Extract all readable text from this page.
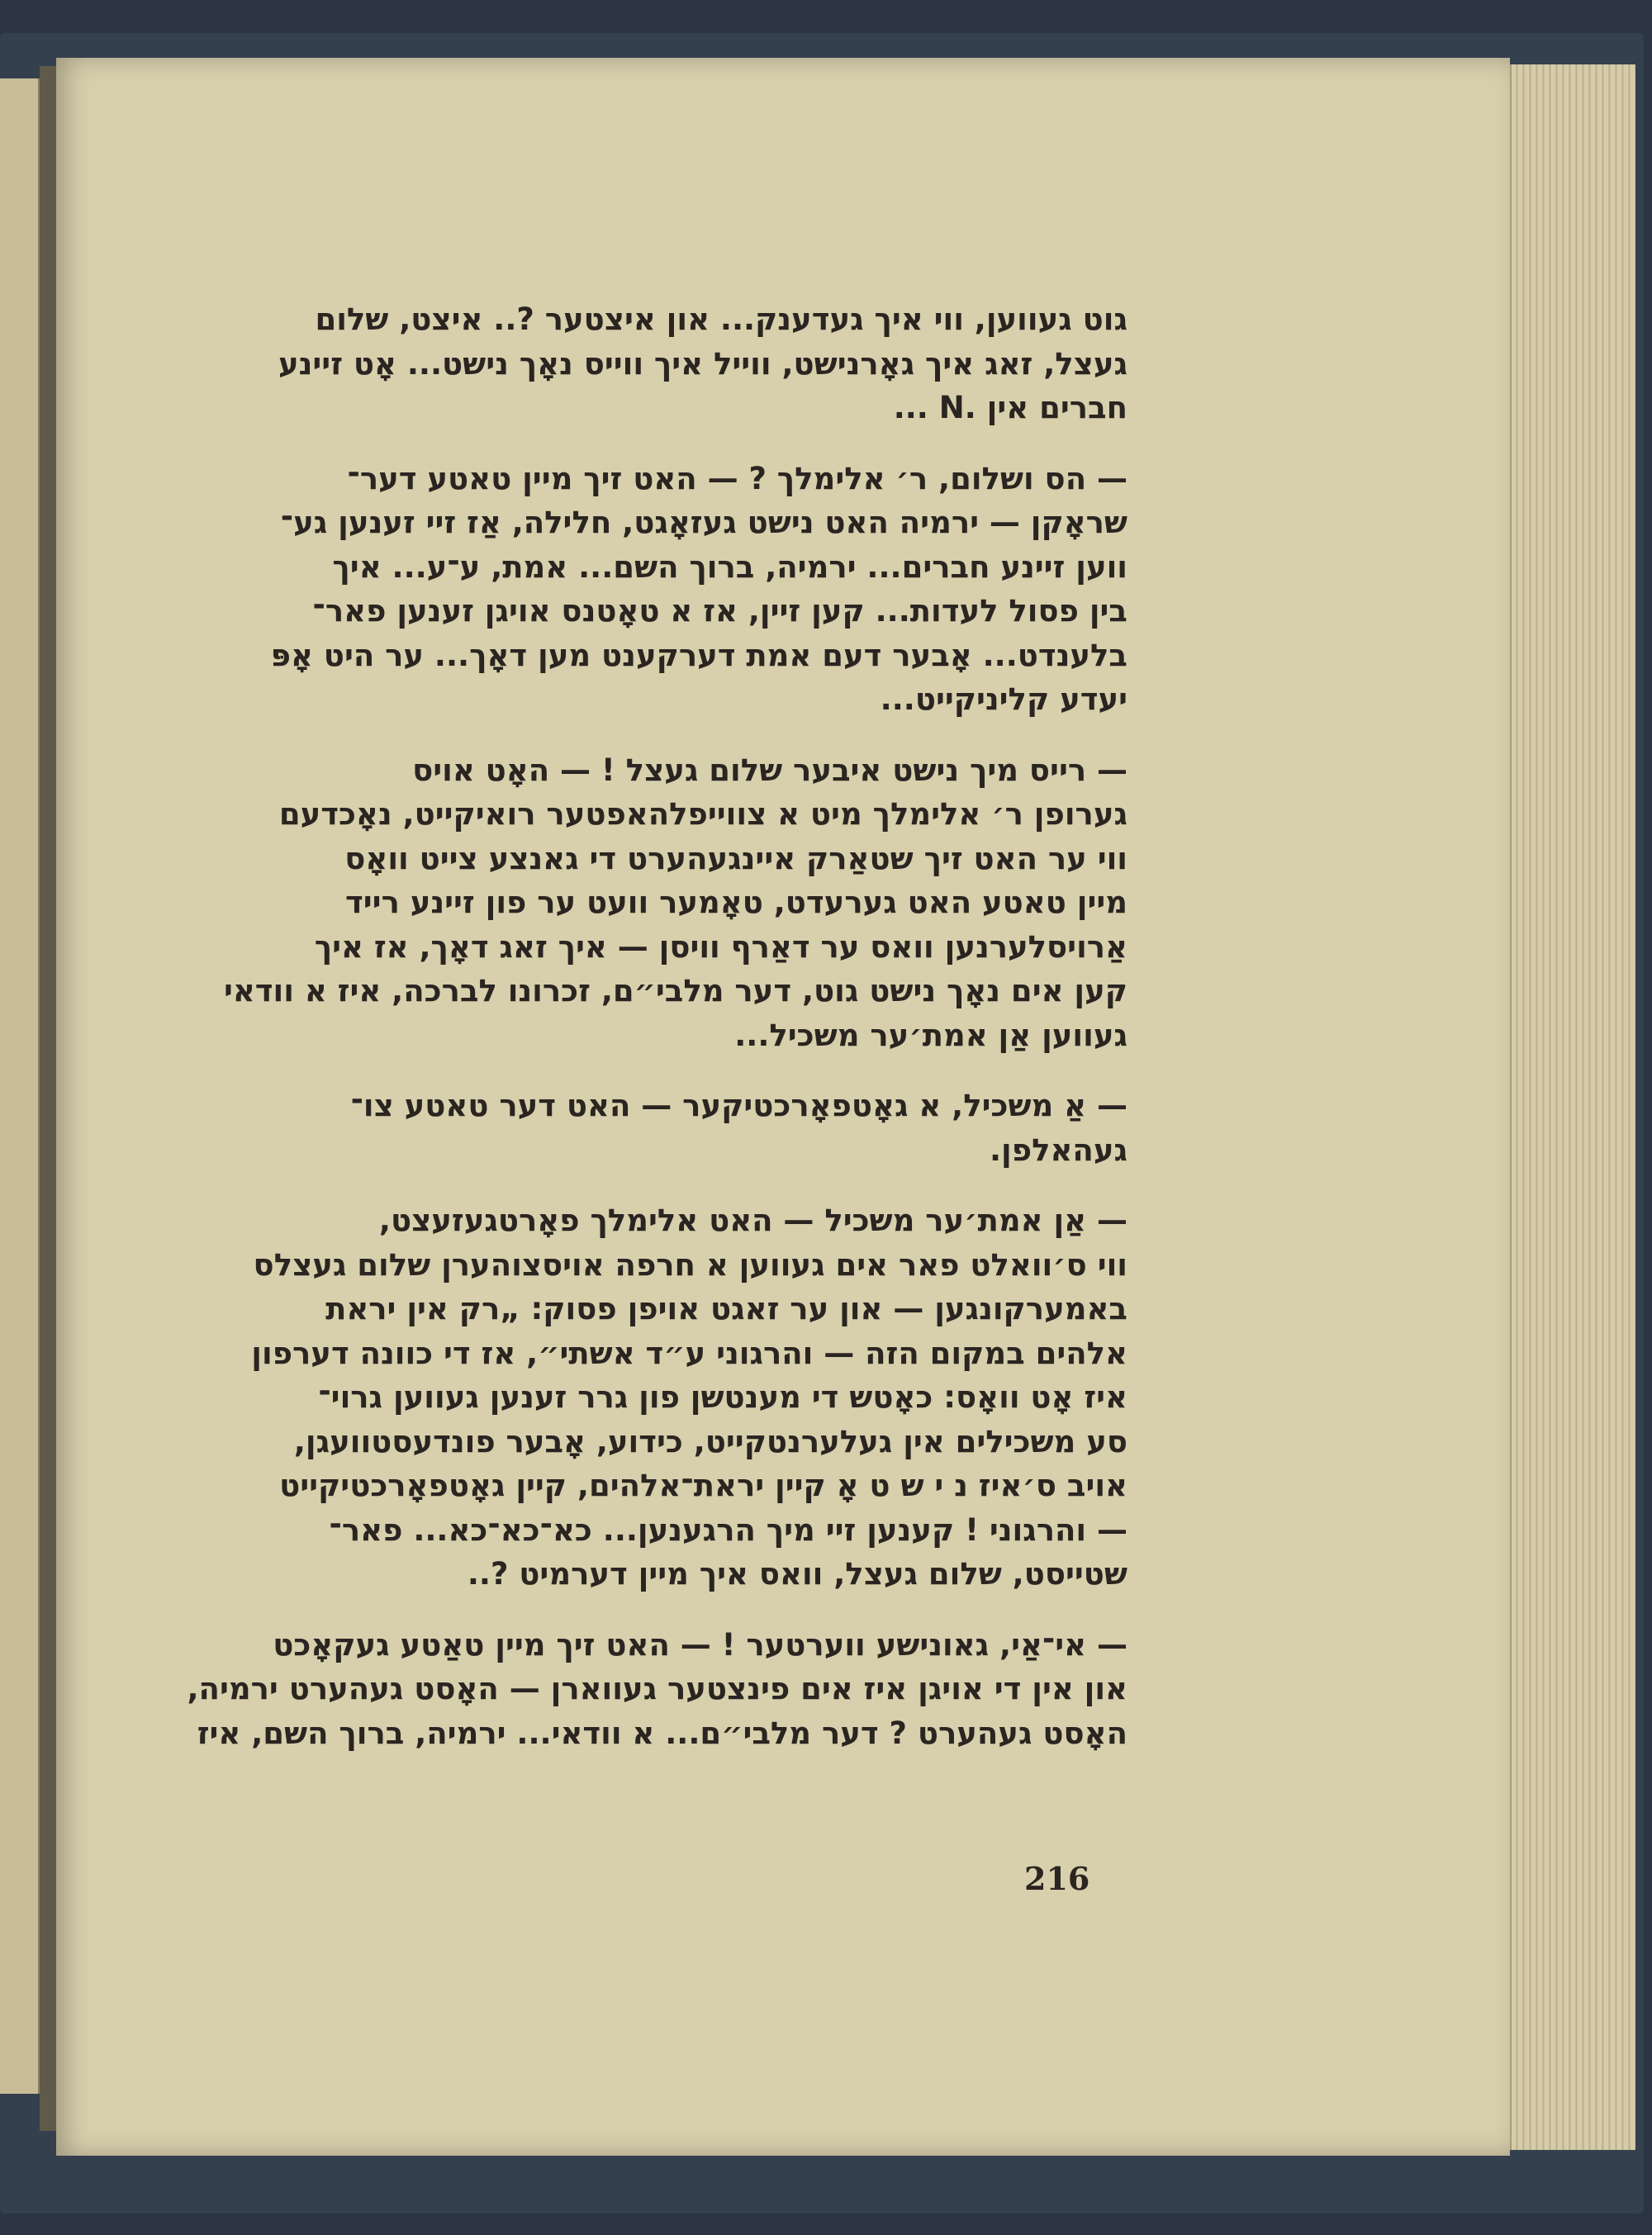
גוט געווען, ווי איך געדענק... און איצטער ?.. איצט, שלום
געצל, זאג איך גאָרנישט, ווייל איך ווייס נאָך נישט... אָט זיינע
חברים אין .N ...

— הס ושלום, ר׳ אלימלך ? — האט זיך מיין טאטע דער־
שראָקן — ירמיה האט נישט געזאָגט, חלילה, אַז זיי זענען גע־
ווען זיינע חברים... ירמיה, ברוך השם... אמת, ע־ע... איך
בין פסול לעדות... קען זיין, אז א טאָטנס אויגן זענען פאר־
בלענדט... אָבער דעם אמת דערקענט מען דאָך... ער היט אָפּ
יעדע קליניקייט...

— רייס מיך נישט איבער שלום געצל ! — האָט אויס
גערופן ר׳ אלימלך מיט א צווייפלהאפטער רואיקייט, נאָכדעם
ווי ער האט זיך שטאַרק איינגעהערט די גאנצע צייט וואָס
מיין טאטע האט גערעדט, טאָמער וועט ער פון זיינע רייד
אַרויסלערנען וואס ער דאַרף וויסן — איך זאג דאָך, אז איך
קען אים נאָך נישט גוט, דער מלבי״ם, זכרונו לברכה, איז א וודאי
געווען אַן אמת׳ער משכיל...

— אַ משכיל, א גאָטפאָרכטיקער — האט דער טאטע צו־
געהאלפן.

— אַן אמת׳ער משכיל — האט אלימלך פאָרטגעזעצט,
ווי ס׳וואלט פאר אים געווען א חרפה אויסצוהערן שלום געצלס
באמערקונגען — און ער זאגט אויפן פסוק: „רק אין יראת
אלהים במקום הזה — והרגוני ע״ד אשתי״, אז די כוונה דערפון
איז אָט וואָס: כאָטש די מענטשן פון גרר זענען געווען גרוי־
סע משכילים אין געלערנטקייט, כידוע, אָבער פונדעסטוועגן,
אויב ס׳איז נ י ש ט אָ קיין יראת־אלהים, קיין גאָטפאָרכטיקייט
— והרגוני ! קענען זיי מיך הרגענען... כא־כא־כא... פאר־
שטייסט, שלום געצל, וואס איך מיין דערמיט ?..

— אי־אַי, גאונישע ווערטער ! — האט זיך מיין טאַטע געקאָכט
און אין די אויגן איז אים פינצטער געווארן — האָסט געהערט ירמיה,
האָסט געהערט ? דער מלבי״ם... א וודאי... ירמיה, ברוך השם, איז

216
